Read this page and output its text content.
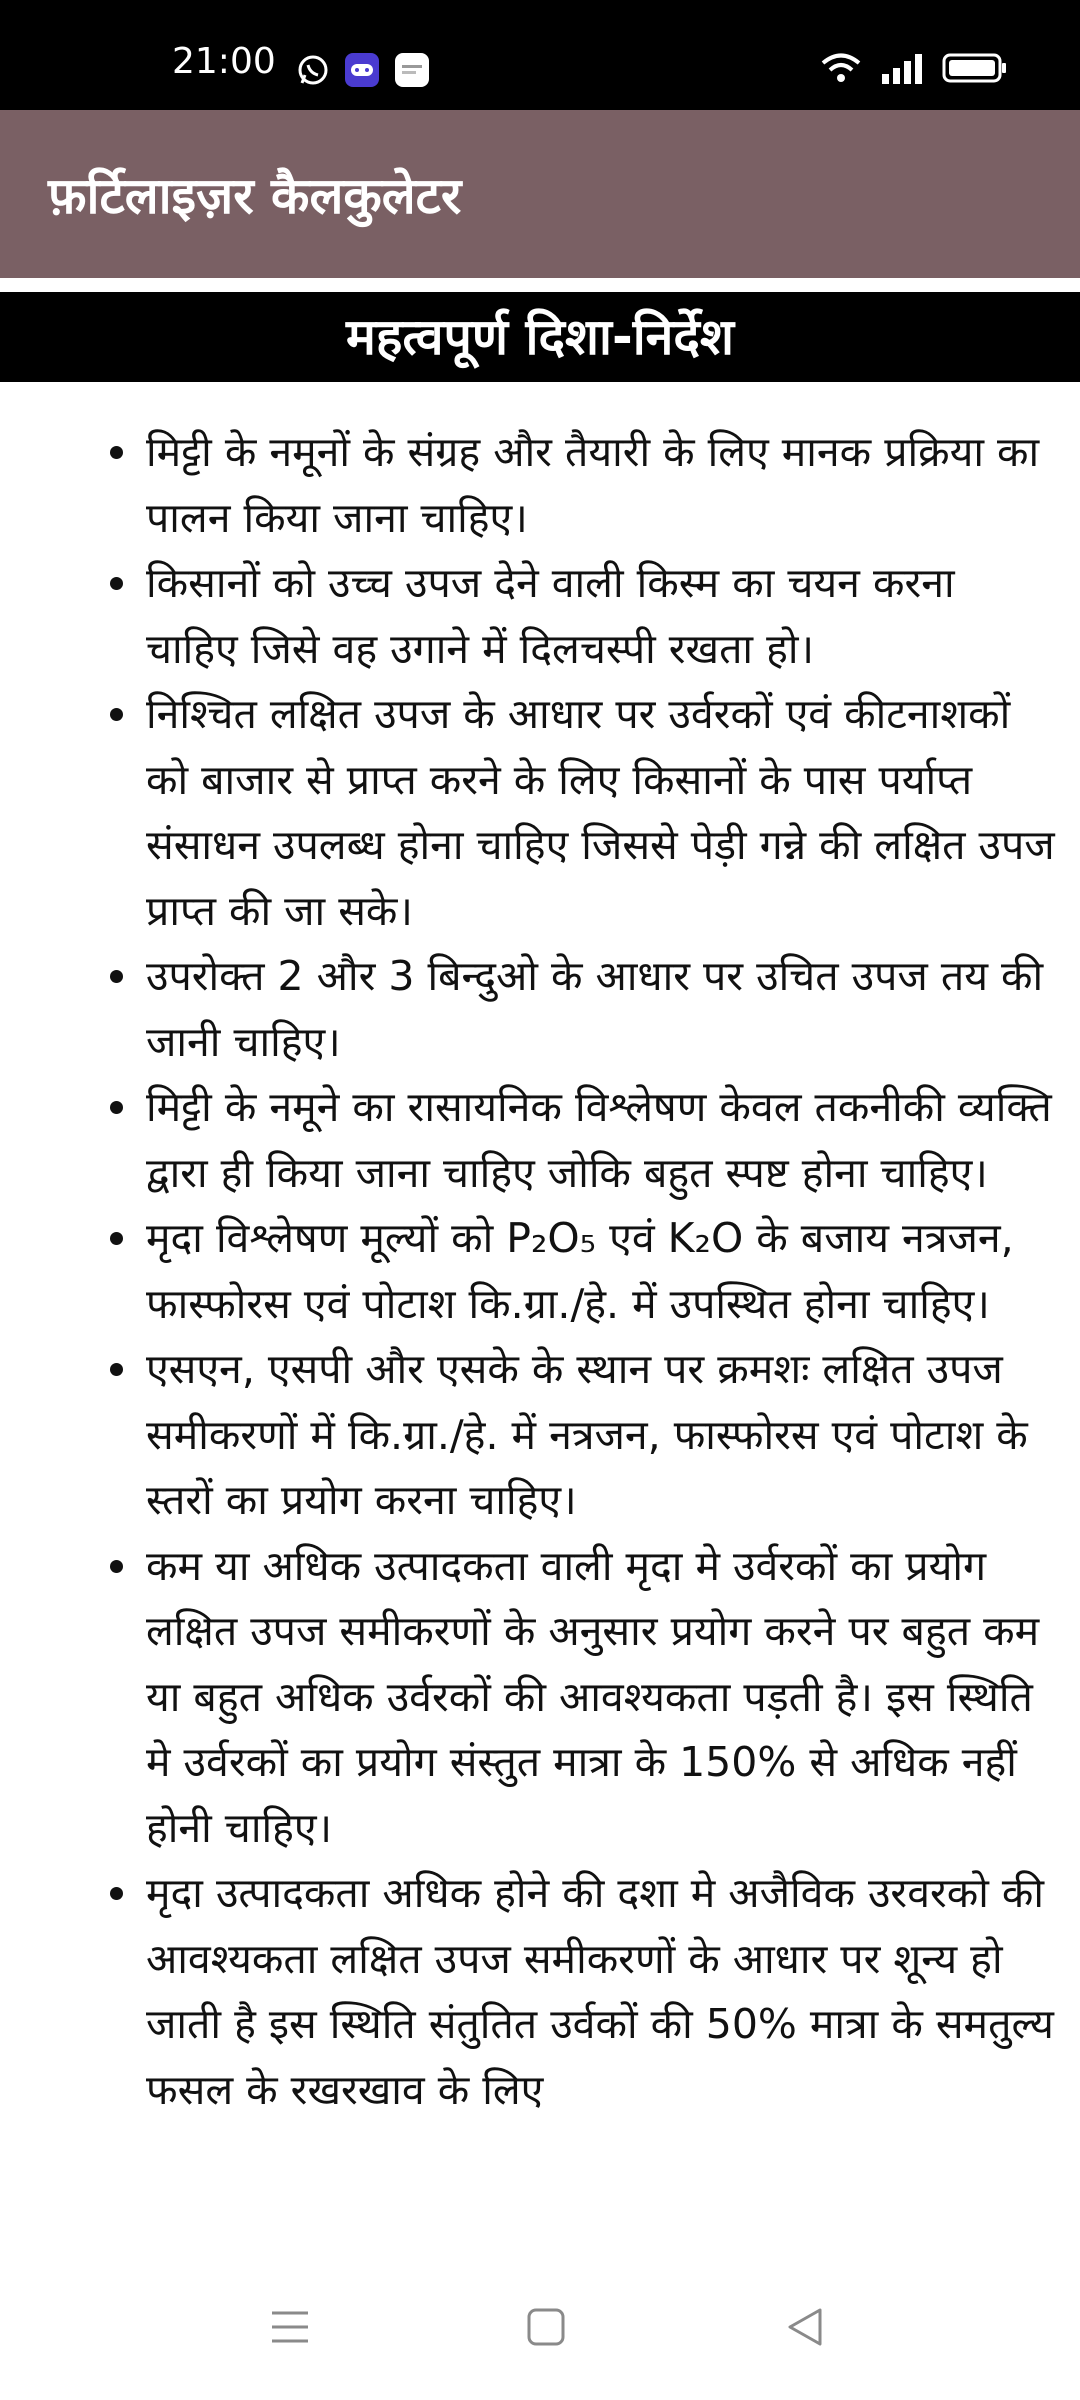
21:00
फ़र्टिलाइज़र कैलकुलेटर
महत्वपूर्ण दिशा-निर्देश
मिट्टी के नमूनों के संग्रह और तैयारी के लिए मानक प्रक्रिया का पालन किया जाना चाहिए।
किसानों को उच्च उपज देने वाली किस्म का चयन करना चाहिए जिसे वह उगाने में दिलचस्पी रखता हो।
निश्चित लक्षित उपज के आधार पर उर्वरकों एवं कीटनाशकों को बाजार से प्राप्त करने के लिए किसानों के पास पर्याप्त संसाधन उपलब्ध होना चाहिए जिससे पेड़ी गन्ने की लक्षित उपज प्राप्त की जा सके।
उपरोक्त 2 और 3 बिन्दुओ के आधार पर उचित उपज तय की जानी चाहिए।
मिट्टी के नमूने का रासायनिक विश्लेषण केवल तकनीकी व्यक्ति द्वारा ही किया जाना चाहिए जोकि बहुत स्पष्ट होना चाहिए।
मृदा विश्लेषण मूल्यों को P₂O₅ एवं K₂O के बजाय नत्रजन, फास्फोरस एवं पोटाश कि.ग्रा./हे. में उपस्थित होना चाहिए।
एसएन, एसपी और एसके के स्थान पर क्रमशः लक्षित उपज समीकरणों में कि.ग्रा./हे. में नत्रजन, फास्फोरस एवं पोटाश के स्तरों का प्रयोग करना चाहिए।
कम या अधिक उत्पादकता वाली मृदा मे उर्वरकों का प्रयोग लक्षित उपज समीकरणों के अनुसार प्रयोग करने पर बहुत कम या बहुत अधिक उर्वरकों की आवश्यकता पड़ती है। इस स्थिति मे उर्वरकों का प्रयोग संस्तुत मात्रा के 150% से अधिक नहीं होनी चाहिए।
मृदा उत्पादकता अधिक होने की दशा मे अजैविक उरवरको की आवश्यकता लक्षित उपज समीकरणों के आधार पर शून्य हो जाती है इस स्थिति संतुतित उर्वकों की 50% मात्रा के समतुल्य फसल के रखरखाव के लिए
